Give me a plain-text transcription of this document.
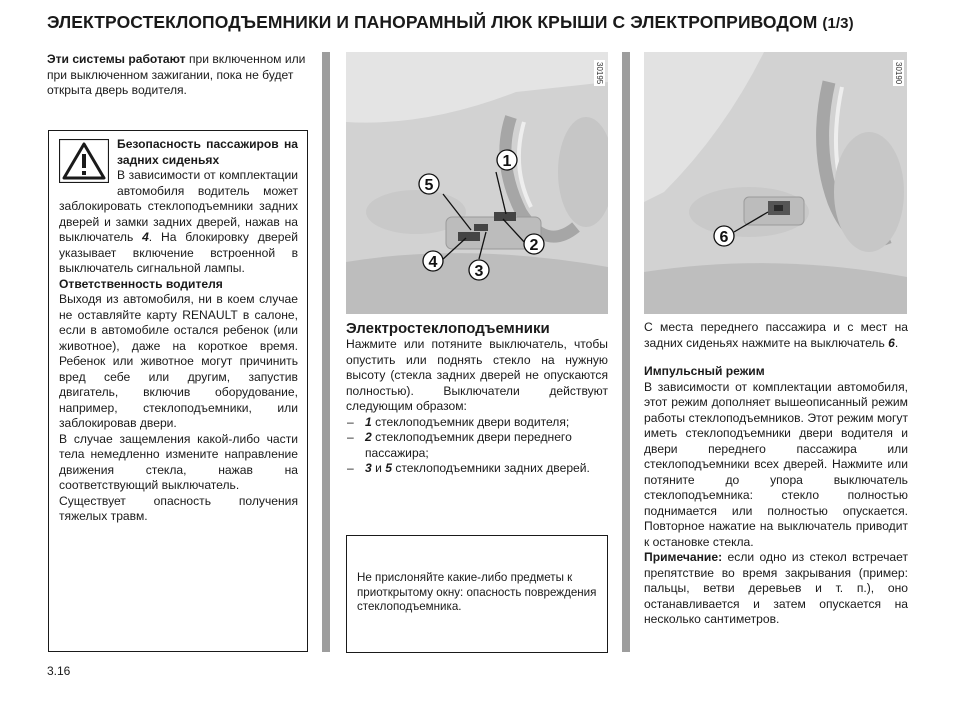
ЭЛЕКТРОСТЕКЛОПОДЪЕМНИКИ И ПАНОРАМНЫЙ ЛЮК КРЫШИ С ЭЛЕКТРОПРИВОДОМ (1/3)
Эти системы работают при включенном или при выключенном зажигании, пока не будет открыта дверь водителя.

Безопасность пассажиров на задних сиденьях

В зависимости от комплектации автомобиля водитель может заблокировать стеклоподъемники задних дверей и замки задних дверей, нажав на выключатель 4. На блокировку дверей указывает включение встроенной в выключатель сигнальной лампы.

Ответственность водителя

Выходя из автомобиля, ни в коем случае не оставляйте карту RENAULT в салоне, если в автомобиле остался ребенок (или животное), даже на короткое время. Ребенок или животное могут причинить вред себе или другим, запустив двигатель, включив оборудование, например, стеклоподъемники, или заблокировав двери.

В случае защемления какой-либо части тела немедленно измените направление движения стекла, нажав на соответствующий выключатель.

Существует опасность получения тяжелых травм.

1
2
3
4
5
30195
6
30190
Электростеклоподъемники

Нажмите или потяните выключатель, чтобы опустить или поднять стекло на нужную высоту (стекла задних дверей не опускаются полностью). Выключатели действуют следующим образом:

– 1 стеклоподъемник двери водителя;
– 2 стеклоподъемник двери переднего пассажира;
– 3 и 5 стеклоподъемники задних дверей.
Не прислоняйте какие-либо предметы к приоткрытому окну: опасность повреждения стеклоподъемника.

С места переднего пассажира и с мест на задних сиденьях нажмите на выключатель 6.

Импульсный режим

В зависимости от комплектации автомобиля, этот режим дополняет вышеописанный режим работы стеклоподъемников. Этот режим могут иметь стеклоподъемники двери водителя и двери переднего пассажира или стеклоподъемники всех дверей. Нажмите или потяните до упора выключатель стеклоподъемника: стекло полностью поднимается или полностью опускается. Повторное нажатие на выключатель приводит к остановке стекла.

Примечание: если одно из стекол встречает препятствие во время закрывания (пример: пальцы, ветви деревьев и т. п.), оно останавливается и затем опускается на несколько сантиметров.

3.16
